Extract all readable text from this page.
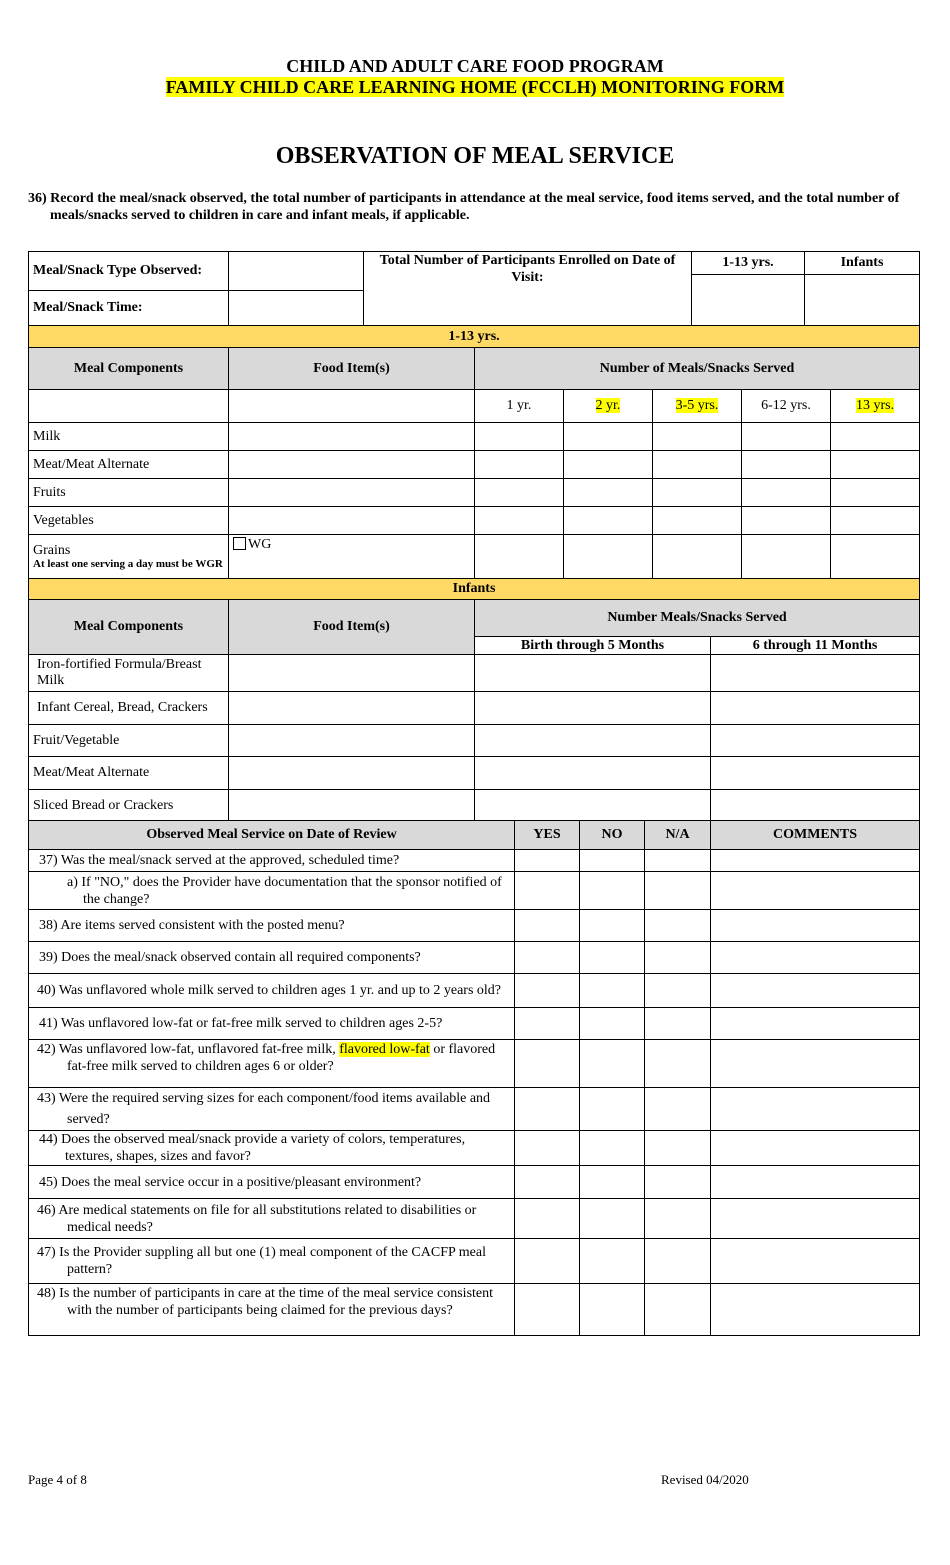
CHILD AND ADULT CARE FOOD PROGRAM
FAMILY CHILD CARE LEARNING HOME (FCCLH) MONITORING FORM
OBSERVATION OF MEAL SERVICE
36) Record the meal/snack observed, the total number of participants in attendance at the meal service, food items served, and the total number of meals/snacks served to children in care and infant meals, if applicable.
Meal/Snack Type Observed:		Total Number of Participants Enrolled on Date of Visit:	1-13 yrs.	Infants

Meal/Snack Time:				
1-13 yrs.						
Meal Components	Food Item(s)	Number of Meals/Snacks Served				
		1 yr.	2 yr.	3-5 yrs.	6-12 yrs.	13 yrs.
Milk						
Meat/Meat Alternate						
Fruits						
Vegetables						
Grains
At least one serving a day must be WGR	WG					
Infants			
Meal Components	Food Item(s)	Number Meals/Snacks Served	
		Birth through 5 Months	6 through 11 Months
Iron-fortified Formula/Breast Milk			
Infant Cereal, Bread, Crackers			
Fruit/Vegetable			
Meat/Meat Alternate			
Sliced Bread or Crackers			
Observed Meal Service on Date of Review	YES	NO	N/A	COMMENTS
37) Was the meal/snack served at the approved, scheduled time?				
a) If "NO," does the Provider have documentation that the sponsor notified of the change?				
38) Are items served consistent with the posted menu?				
39) Does the meal/snack observed contain all required components?				
40) Was unflavored whole milk served to children ages 1 yr. and up to 2 years old?				
41) Was unflavored low-fat or fat-free milk served to children ages 2-5?				
42) Was unflavored low-fat, unflavored fat-free milk, flavored low-fat or flavored fat-free milk served to children ages 6 or older?				
43) Were the required serving sizes for each component/food items available and served?				
44) Does the observed meal/snack provide a variety of colors, temperatures, textures, shapes, sizes and favor?				
45) Does the meal service occur in a positive/pleasant environment?				
46) Are medical statements on file for all substitutions related to disabilities or medical needs?				
47) Is the Provider suppling all but one (1) meal component of the CACFP meal pattern?				
48) Is the number of participants in care at the time of the meal service consistent with the number of participants being claimed for the previous days?				
Page 4 of 8	Revised 04/2020
